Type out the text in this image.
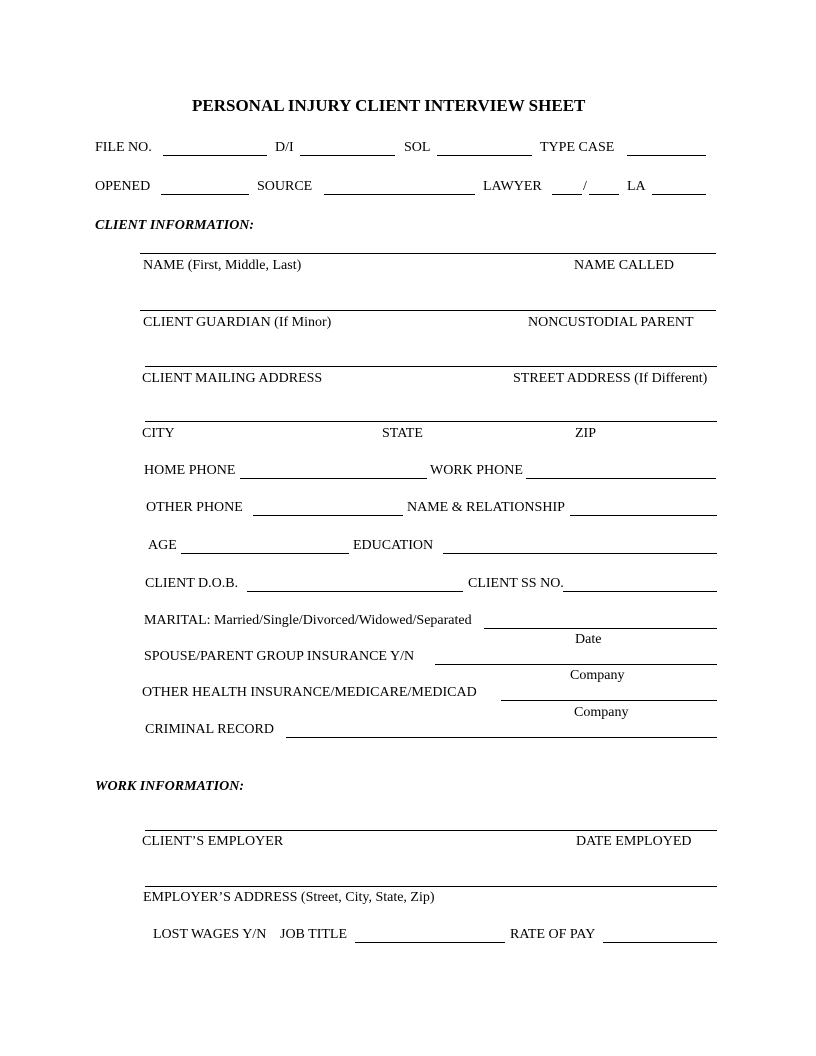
PERSONAL INJURY CLIENT INTERVIEW SHEET
FILE NO.	D/I	SOL	TYPE CASE
OPENED	SOURCE	LAWYER	/	LA
CLIENT INFORMATION:
NAME (First, Middle, Last)	NAME CALLED
CLIENT GUARDIAN (If Minor)	NONCUSTODIAL PARENT
CLIENT MAILING ADDRESS	STREET ADDRESS (If Different)
CITY	STATE	ZIP
HOME PHONE	WORK PHONE
OTHER PHONE	NAME & RELATIONSHIP
AGE	EDUCATION
CLIENT D.O.B.	CLIENT SS NO.
MARITAL: Married/Single/Divorced/Widowed/Separated
Date
SPOUSE/PARENT GROUP INSURANCE Y/N
Company
OTHER HEALTH INSURANCE/MEDICARE/MEDICAD
Company
CRIMINAL RECORD
WORK INFORMATION:
CLIENT’S EMPLOYER	DATE EMPLOYED
EMPLOYER’S ADDRESS (Street, City, State, Zip)
LOST WAGES Y/N JOB TITLE	RATE OF PAY
